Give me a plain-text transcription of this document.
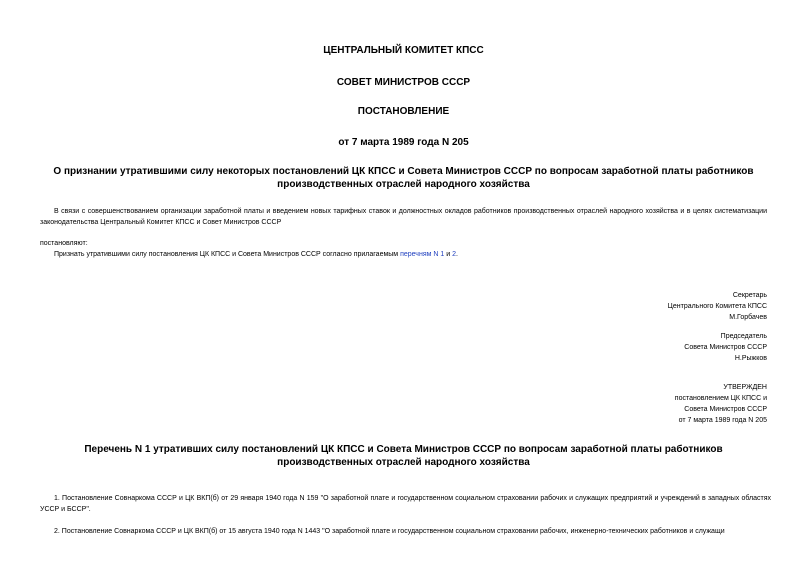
ЦЕНТРАЛЬНЫЙ КОМИТЕТ КПСС
СОВЕТ МИНИСТРОВ СССР
ПОСТАНОВЛЕНИЕ
от 7 марта 1989 года N 205
О признании утратившими силу некоторых постановлений ЦК КПСС и Совета Министров СССР по вопросам заработной платы работников производственных отраслей народного хозяйства
В связи с совершенствованием организации заработной платы и введением новых тарифных ставок и должностных окладов работников производственных отраслей народного хозяйства и в целях систематизации законодательства Центральный Комитет КПСС и Совет Министров СССР
постановляют:
Признать утратившими силу постановления ЦК КПСС и Совета Министров СССР согласно прилагаемым перечням N 1 и 2.
Секретарь
Центрального Комитета КПСС
М.Горбачев
Председатель
Совета Министров СССР
Н.Рыжков
УТВЕРЖДЕН
постановлением ЦК КПСС и
Совета Министров СССР
от 7 марта 1989 года N 205
Перечень N 1 утративших силу постановлений ЦК КПСС и Совета Министров СССР по вопросам заработной платы работников производственных отраслей народного хозяйства
1. Постановление Совнаркома СССР и ЦК ВКП(б) от 29 января 1940 года N 159 "О заработной плате и государственном социальном страховании рабочих и служащих предприятий и учреждений в западных областях УССР и БССР".
2. Постановление Совнаркома СССР и ЦК ВКП(б) от 15 августа 1940 года N 1443 "О заработной плате и государственном социальном страховании рабочих, инженерно-технических работников и служащи
